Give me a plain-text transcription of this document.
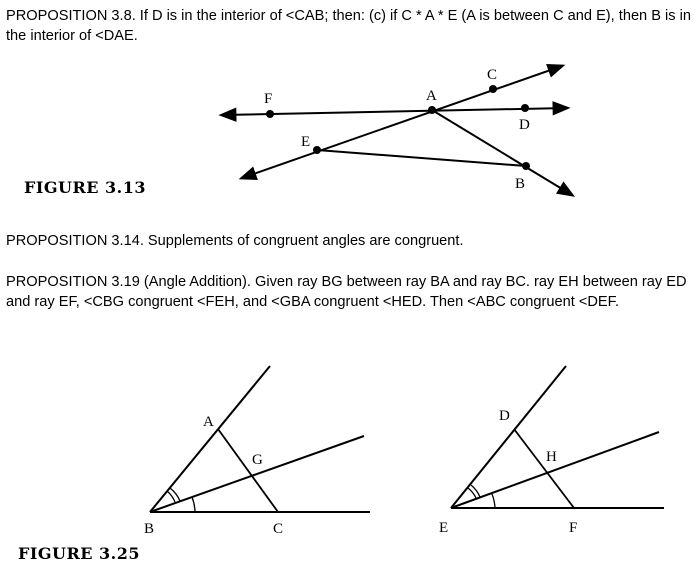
PROPOSITION 3.8. If D is in the interior of <CAB; then: (c) if C * A * E (A is between C and E), then B is in the interior of <DAE.

F	A
C
D
E
B
A
G
B	C
D
H
E	F
FIGURE 3.13

PROPOSITION 3.14. Supplements of congruent angles are congruent.

PROPOSITION 3.19 (Angle Addition). Given ray BG between ray BA and ray BC. ray EH between ray ED and ray EF, <CBG congruent <FEH, and <GBA congruent <HED. Then <ABC congruent <DEF.

FIGURE 3.25
